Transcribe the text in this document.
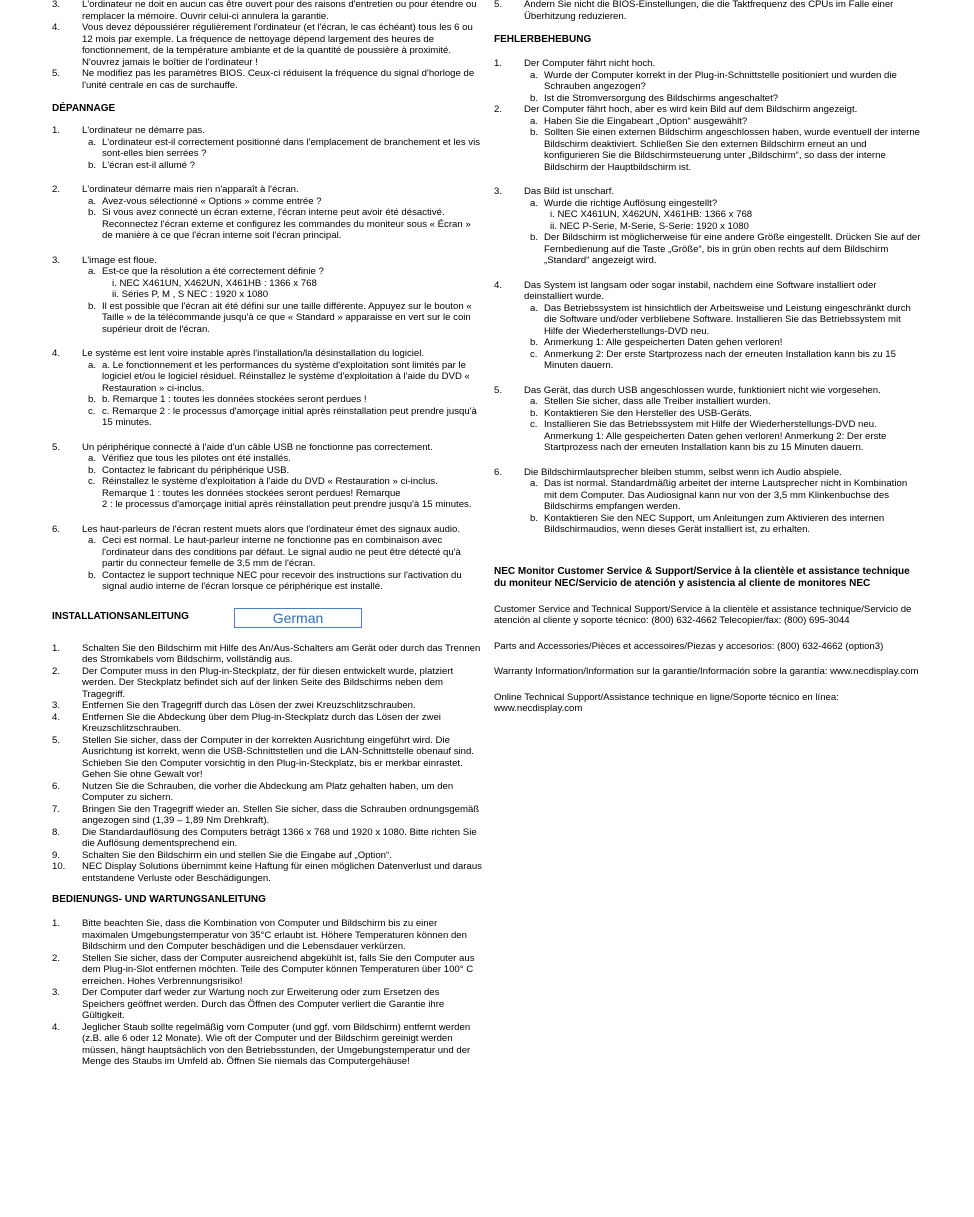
3. L'ordinateur ne doit en aucun cas être ouvert pour des raisons d'entretien ou pour étendre ou remplacer la mémoire. Ouvrir celui-ci annulera la garantie.
4. Vous devez dépoussiérer régulièrement l'ordinateur (et l'écran, le cas échéant) tous les 6 ou 12 mois par exemple. La fréquence de nettoyage dépend largement des heures de fonctionnement, de la température ambiante et de la quantité de poussière à proximité. N'ouvrez jamais le boîtier de l'ordinateur !
5. Ne modifiez pas les paramètres BIOS. Ceux-ci réduisent la fréquence du signal d'horloge de l'unité centrale en cas de surchauffe.

DÉPANNAGE

1. L'ordinateur ne démarre pas.
a. L'ordinateur est-il correctement positionné dans l'emplacement de branchement et les vis sont-elles bien serrées ?
b. L'écran est-il allumé ?
2. L'ordinateur démarre mais rien n'apparaît à l'écran.
a. Avez-vous sélectionné « Options » comme entrée ?
b. Si vous avez connecté un écran externe, l'écran interne peut avoir été désactivé. Reconnectez l'écran externe et configurez les commandes du moniteur sous « Écran » de manière à ce que l'écran interne soit l'écran principal.
3. L'image est floue.
a. Est-ce que la résolution a été correctement définie ?
i. NEC X461UN, X462UN, X461HB : 1366 x 768
ii. Séries P, M , S NEC : 1920 x 1080
b. Il est possible que l'écran ait été défini sur une taille différente. Appuyez sur le bouton « Taille » de la télécommande jusqu'à ce que « Standard » apparaisse en vert sur le coin supérieur droit de l'écran.
4. Le système est lent voire instable après l'installation/la désinstallation du logiciel.
a. a. Le fonctionnement et les performances du système d'exploitation sont limités par le logiciel et/ou le logiciel résiduel. Réinstallez le système d'exploitation à l'aide du DVD « Restauration » ci-inclus.
b. b. Remarque 1 : toutes les données stockées seront perdues !
c. c. Remarque 2 : le processus d'amorçage initial après réinstallation peut prendre jusqu'à 15 minutes.
5. Un périphérique connecté à l'aide d'un câble USB ne fonctionne pas correctement.
a. Vérifiez que tous les pilotes ont été installés.
b. Contactez le fabricant du périphérique USB.
c. Réinstallez le système d'exploitation à l'aide du DVD « Restauration » ci-inclus. Remarque 1 : toutes les données stockées seront perdues! Remarque
2 : le processus d'amorçage initial après réinstallation peut prendre jusqu'à 15 minutes.
6. Les haut-parleurs de l'écran restent muets alors que l'ordinateur émet des signaux audio.
a. Ceci est normal. Le haut-parleur interne ne fonctionne pas en combinaison avec l'ordinateur dans des conditions par défaut. Le signal audio ne peut être détecté qu'à partir du connecteur femelle de 3,5 mm de l'écran.
b. Contactez le support technique NEC pour recevoir des instructions sur l'activation du signal audio interne de l'écran lorsque ce périphérique est installé.

INSTALLATIONSANLEITUNG	German
1. Schalten Sie den Bildschirm mit Hilfe des An/Aus-Schalters am Gerät oder durch das Trennen des Stromkabels vom Bildschirm, vollständig aus.
2. Der Computer muss in den Plug-in-Steckplatz, der für diesen entwickelt wurde, platziert werden. Der Steckplatz befindet sich auf der linken Seite des Bildschirms neben dem Tragegriff.
3. Entfernen Sie den Tragegriff durch das Lösen der zwei Kreuzschlitzschrauben.
4. Entfernen Sie die Abdeckung über dem Plug-in-Steckplatz durch das Lösen der zwei Kreuzschlitzschrauben.
5. Stellen Sie sicher, dass der Computer in der korrekten Ausrichtung eingeführt wird. Die Ausrichtung ist korrekt, wenn die USB-Schnittstellen und die LAN-Schnittstelle obenauf sind. Schieben Sie den Computer vorsichtig in den Plug-in-Steckplatz, bis er merkbar einrastet. Gehen Sie ohne Gewalt vor!
6. Nutzen Sie die Schrauben, die vorher die Abdeckung am Platz gehalten haben, um den Computer zu sichern.
7. Bringen Sie den Tragegriff wieder an. Stellen Sie sicher, dass die Schrauben ordnungsgemäß angezogen sind (1,39 – 1,89 Nm Drehkraft).
8. Die Standardauflösung des Computers beträgt 1366 x 768 und 1920 x 1080. Bitte richten Sie die Auflösung dementsprechend ein.
9. Schalten Sie den Bildschirm ein und stellen Sie die Eingabe auf „Option“.
10. NEC Display Solutions übernimmt keine Haftung für einen möglichen Datenverlust und daraus entstandene Verluste oder Beschädigungen.

BEDIENUNGS- UND WARTUNGSANLEITUNG

1. Bitte beachten Sie, dass die Kombination von Computer und Bildschirm bis zu einer maximalen Umgebungstemperatur von 35°C erlaubt ist. Höhere Temperaturen können den Bildschirm und den Computer beschädigen und die Lebensdauer verkürzen.
2. Stellen Sie sicher, dass der Computer ausreichend abgekühlt ist, falls Sie den Computer aus dem Plug-in-Slot entfernen möchten. Teile des Computer können Temperaturen über 100° C erreichen. Hohes Verbrennungsrisiko!
3. Der Computer darf weder zur Wartung noch zur Erweiterung oder zum Ersetzen des Speichers geöffnet werden. Durch das Öffnen des Computer verliert die Garantie ihre Gültigkeit.
4. Jeglicher Staub sollte regelmäßig vom Computer (und ggf. vom Bildschirm) entfernt werden (z.B. alle 6 oder 12 Monate). Wie oft der Computer und der Bildschirm gereinigt werden müssen, hängt hauptsächlich von den Betriebsstunden, der Umgebungstemperatur und der Menge des Staubs im Umfeld ab. Öffnen Sie niemals das Computergehäuse!
5. Ändern Sie nicht die BIOS-Einstellungen, die die Taktfrequenz des CPUs im Falle einer Überhitzung reduzieren.

FEHLERBEHEBUNG

1. Der Computer fährt nicht hoch.
a. Wurde der Computer korrekt in der Plug-in-Schnittstelle positioniert und wurden die Schrauben angezogen?
b. Ist die Stromversorgung des Bildschirms angeschaltet?
2. Der Computer fährt hoch, aber es wird kein Bild auf dem Bildschirm angezeigt.
a. Haben Sie die Eingabeart „Option“ ausgewählt?
b. Sollten Sie einen externen Bildschirm angeschlossen haben, wurde eventuell der interne Bildschirm deaktiviert. Schließen Sie den externen Bildschirm erneut an und konfigurieren Sie die Bildschirmsteuerung unter „Bildschirm“, so dass der interne Bildschirm der Hauptbildschirm ist.
3. Das Bild ist unscharf.
a. Wurde die richtige Auflösung eingestellt?
i. NEC X461UN, X462UN, X461HB: 1366 x 768
ii. NEC P-Serie, M-Serie, S-Serie: 1920 x 1080
b. Der Bildschirm ist möglicherweise für eine andere Größe eingestellt. Drücken Sie auf der Fernbedienung auf die Taste „Größe“, bis in grün oben rechts auf dem Bildschirm „Standard“ angezeigt wird.
4. Das System ist langsam oder sogar instabil, nachdem eine Software installiert oder deinstalliert wurde.
a. Das Betriebssystem ist hinsichtlich der Arbeitsweise und Leistung eingeschränkt durch die Software und/oder verbliebene Software. Installieren Sie das Betriebssystem mit Hilfe der Wiederherstellungs-DVD neu.
b. Anmerkung 1: Alle gespeicherten Daten gehen verloren!
c. Anmerkung 2: Der erste Startprozess nach der erneuten Installation kann bis zu 15 Minuten dauern.
5. Das Gerät, das durch USB angeschlossen wurde, funktioniert nicht wie vorgesehen.
a. Stellen Sie sicher, dass alle Treiber installiert wurden.
b. Kontaktieren Sie den Hersteller des USB-Geräts.
c. Installieren Sie das Betriebssystem mit Hilfe der Wiederherstellungs-DVD neu. Anmerkung 1: Alle gespeicherten Daten gehen verloren! Anmerkung 2: Der erste Startprozess nach der erneuten Installation kann bis zu 15 Minuten dauern.
6. Die Bildschirmlautsprecher bleiben stumm, selbst wenn ich Audio abspiele.
a. Das ist normal. Standardmäßig arbeitet der interne Lautsprecher nicht in Kombination mit dem Computer. Das Audiosignal kann nur von der 3,5 mm Klinkenbuchse des Bildschirms empfangen werden.
b. Kontaktieren Sie den NEC Support, um Anleitungen zum Aktivieren des internen Bildschirmaudios, wenn dieses Gerät installiert ist, zu erhalten.

NEC Monitor Customer Service & Support/Service à la clientèle et assistance technique du moniteur NEC/Servicio de atención y asistencia al cliente de monitores NEC

Customer Service and Technical Support/Service à la clientèle et assistance technique/Servicio de atención al cliente y soporte técnico: (800) 632-4662 Telecopier/fax: (800) 695-3044

Parts and Accessories/Pièces et accessoires/Piezas y accesorios: (800) 632-4662 (option3)

Warranty Information/Information sur la garantie/Información sobre la garantía: www.necdisplay.com

Online Technical Support/Assistance technique en ligne/Soporte técnico en línea: www.necdisplay.com
